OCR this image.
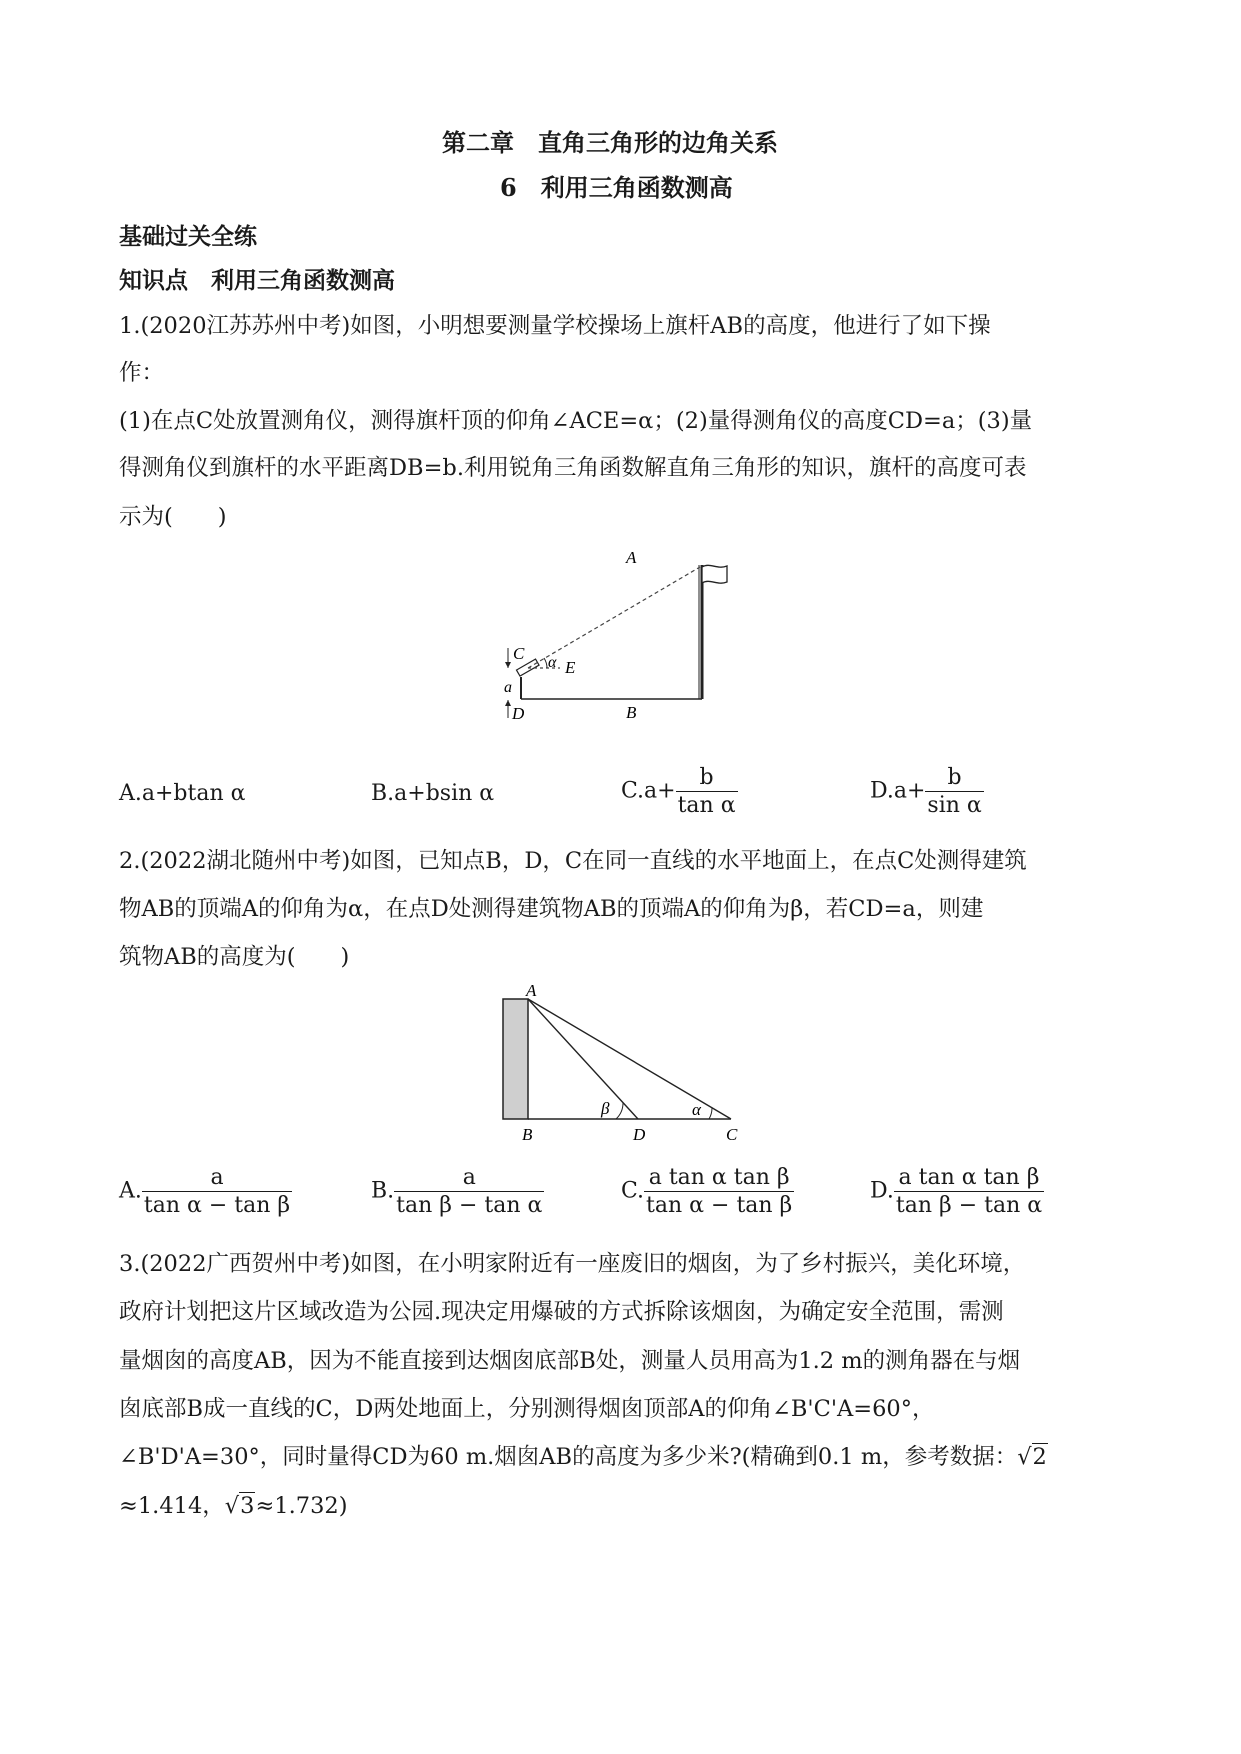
第二章　直角三角形的边角关系
6　利用三角函数测高
基础过关全练
知识点　利用三角函数测高
1.(2020江苏苏州中考)如图，小明想要测量学校操场上旗杆AB的高度，他进行了如下操
作：
(1)在点C处放置测角仪，测得旗杆顶的仰角∠ACE=α；(2)量得测角仪的高度CD=a；(3)量
得测角仪到旗杆的水平距离DB=b.利用锐角三角函数解直角三角形的知识，旗杆的高度可表
示为(　　)
A
B
C
D
E
a
α
A.a+btan α	B.a+bsin α	$C.a+ \frac{b}{\text{tan α}}$	$D.a+ \frac{b}{\text{sin α}}$
2.(2022湖北随州中考)如图，已知点B，D，C在同一直线的水平地面上，在点C处测得建筑
物AB的顶端A的仰角为α，在点D处测得建筑物AB的顶端A的仰角为β，若CD=a，则建
筑物AB的高度为(　　)
A
B	D	C
β	α
A. $\frac{a}{\text{tan α − tan β}}$	B. $\frac{a}{\text{tan β − tan α}}$	C. $\frac{\text{a tan α tan β}}{\text{tan α − tan β}}$	D. $\frac{\text{a tan α tan β}}{\text{tan β − tan α}}$
3.(2022广西贺州中考)如图，在小明家附近有一座废旧的烟囱，为了乡村振兴，美化环境，
政府计划把这片区域改造为公园.现决定用爆破的方式拆除该烟囱，为确定安全范围，需测
量烟囱的高度AB，因为不能直接到达烟囱底部B处，测量人员用高为1.2 m的测角器在与烟
囱底部B成一直线的C，D两处地面上，分别测得烟囱顶部A的仰角∠B'C'A=60°，
∠B'D'A=30°，同时量得CD为60 m.烟囱AB的高度为多少米?(精确到0.1 m，参考数据：√2
≈1.414，√3≈1.732)
